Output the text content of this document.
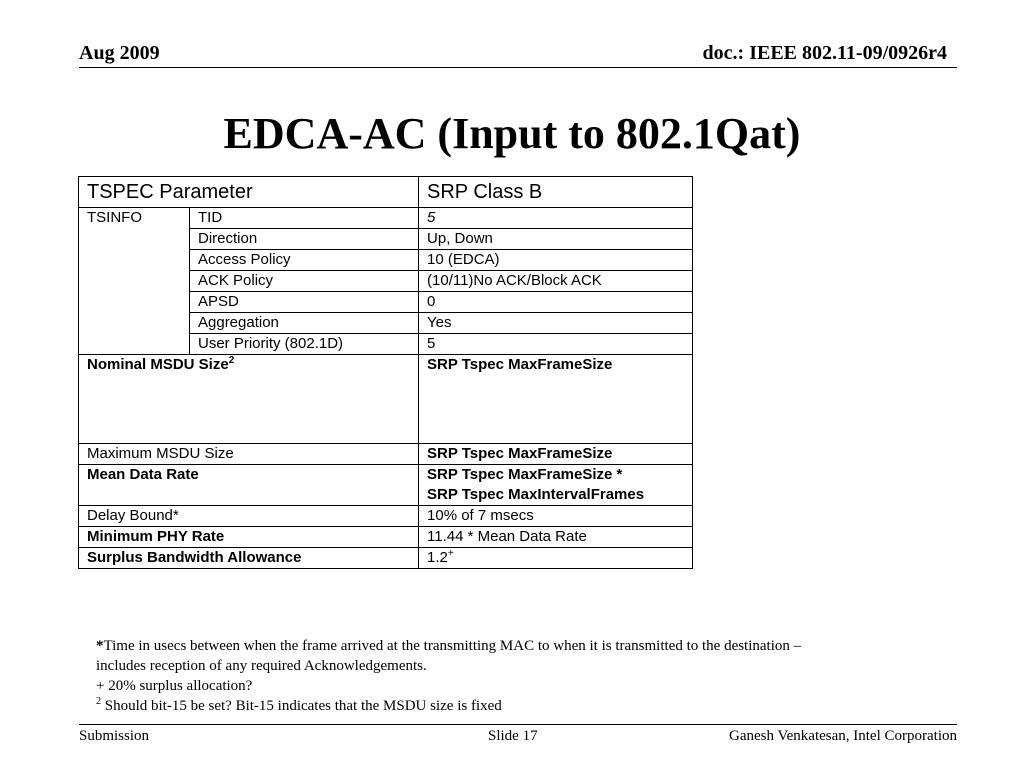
Aug 2009	doc.: IEEE 802.11-09/0926r4
EDCA-AC (Input to 802.1Qat)
TSPEC Parameter		SRP Class B
TSINFO	TID	5
	Direction	Up, Down
	Access Policy	10 (EDCA)
	ACK Policy	(10/11)No ACK/Block ACK
	APSD	0
	Aggregation	Yes
	User Priority (802.1D)	5
Nominal MSDU Size$^2$		SRP Tspec MaxFrameSize
Maximum MSDU Size		SRP Tspec MaxFrameSize
Mean Data Rate		SRP Tspec MaxFrameSize *
SRP Tspec MaxIntervalFrames

Delay Bound*		10% of 7 msecs
Minimum PHY Rate		11.44 * Mean Data Rate
Surplus Bandwidth Allowance		1.2+
*Time in usecs between when the frame arrived at the transmitting MAC to when it is transmitted to the destination –
includes reception of any required Acknowledgements.
+ 20% surplus allocation?
$^2$ Should bit-15 be set? Bit-15 indicates that the MSDU size is fixed
Submission	Slide 17	Ganesh Venkatesan, Intel Corporation
